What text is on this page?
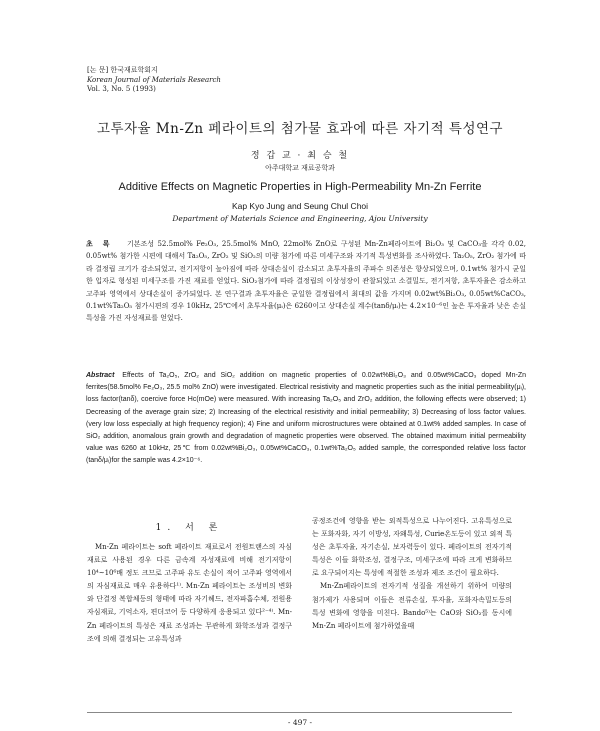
[논 문] 한국재료학회지
Korean Journal of Materials Research
Vol. 3, No. 5 (1993)
고투자율 Mn-Zn 페라이트의 첨가물 효과에 따른 자기적 특성연구
정 갑 교 · 최 승 철
아주대학교 재료공학과
Additive Effects on Magnetic Properties in High-Permeability Mn-Zn Ferrite
Kap Kyo Jung and Seung Chul Choi
Department of Materials Science and Engineering, Ajou University
초록 기본조성 52.5mol% Fe₂O₃, 25.5mol% MnO, 22mol% ZnO로 구성된 Mn-Zn페라이트에 Bi₂O₃ 및 CaCO₃을 각각 0.02, 0.05wt% 첨가한 시편에 대해서 Ta₂O₅, ZrO₂ 및 SiO₂의 미량 첨가에 따른 미세구조와 자기적 특성변화를 조사하였다. Ta₂O₅, ZrO₂ 첨가에 따라 결정립 크기가 감소되었고, 전기저항이 높아짐에 따라 상대손실이 감소되고 초투자율의 주파수 의존성은 향상되었으며, 0.1wt% 첨가시 균일한 입자로 형성된 미세구조를 가진 재료를 얻었다. SiO₂첨가에 따라 결정립의 이상성장이 관찰되었고 소결밀도, 전기저항, 초투자율은 감소하고 고주파 영역에서 상대손실이 증가되었다. 본 연구결과 초투자율은 균일한 결정립에서 최대의 값을 가지며 0.02wt%Bi₂O₃, 0.05wt%CaCO₃, 0.1wt%Ta₂O₅ 첨가시편의 경우 10kHz, 25℃에서 초투자율(μᵢ)은 6260이고 상대손실 계수(tanδ/μᵢ)는 4.2×10⁻⁶인 높은 투자율과 낮은 손실 특성을 가진 자성재료를 얻었다.
Abstract Effects of Ta₂O₅, ZrO₂ and SiO₂ addition on magnetic properties of 0.02wt%Bi₂O₃ and 0.05wt%CaCO₃ doped Mn-Zn ferrites(58.5mol% Fe₂O₃, 25.5 mol% ZnO) were investigated. Electrical resistivity and magnetic properties such as the initial permeability(μᵢ), loss factor(tanδ), coercive force Hc(mOe) were measured. With increasing Ta₂O₅ and ZrO₂ addition, the following effects were observed; 1) Decreasing of the average grain size; 2) Increasing of the electrical resistivity and initial permeability; 3) Decreasing of loss factor values. (very low loss especially at high frequency region); 4) Fine and uniform microstructures were obtained at 0.1wt% added samples. In case of SiO₂ addition, anomalous grain growth and degradation of magnetic properties were observed. The obtained maximum initial permeability value was 6260 at 10kHz, 25℃ from 0.02wt%Bi₂O₃, 0.05wt%CaCO₃, 0.1wt%Ta₂O₅ added sample, the corresponded relative loss factor (tanδ/μᵢ)for the sample was 4.2×10⁻⁶.
1. 서 론

Mn-Zn 페라이트는 soft 페라이트 재료로서 전원트랜스의 자심재료로 사용된 경우 다른 금속계 자성재료에 비해 전기저항이 10⁴~10⁶배 정도 크므로 고주파 유도 손실이 적어 고주파 영역에서의 자심재료로 매우 유용하다¹⁾. Mn-Zn 페라이트는 조성비의 변화와 단결정 복합체등의 형태에 따라 자기헤드, 전자파흡수체, 전원용 자심재료, 기억소자, 편더코어 등 다양하게 응용되고 있다²⁻⁴⁾. Mn-Zn 페라이트의 특성은 재료 조성과는 무관하게 화학조성과 결정구조에 의해 결정되는 고유특성과

공정조건에 영향을 받는 외적특성으로 나누어진다. 고유특성으로는 포화자화, 자기 이방성, 자왜특성, Curie온도등이 있고 외적 특성은 초투자율, 자기손실, 보자력등이 있다. 페라이트의 전자기적 특성은 이들 화학조성, 결정구조, 미세구조에 따라 크게 변화하므로 요구되어지는 특성에 적절한 조성과 제조 조건이 필요하다.

Mn-Zn페라이트의 전자기적 성질을 개선하기 위하여 미량의 첨가제가 사용되며 이들은 전류손실, 투자율, 포화자속밀도등의 특성 변화에 영향을 미친다. Bando⁵⁾는 CaO와 SiO₂를 동시에 Mn-Zn 페라이트에 첨가하였을때

- 497 -
